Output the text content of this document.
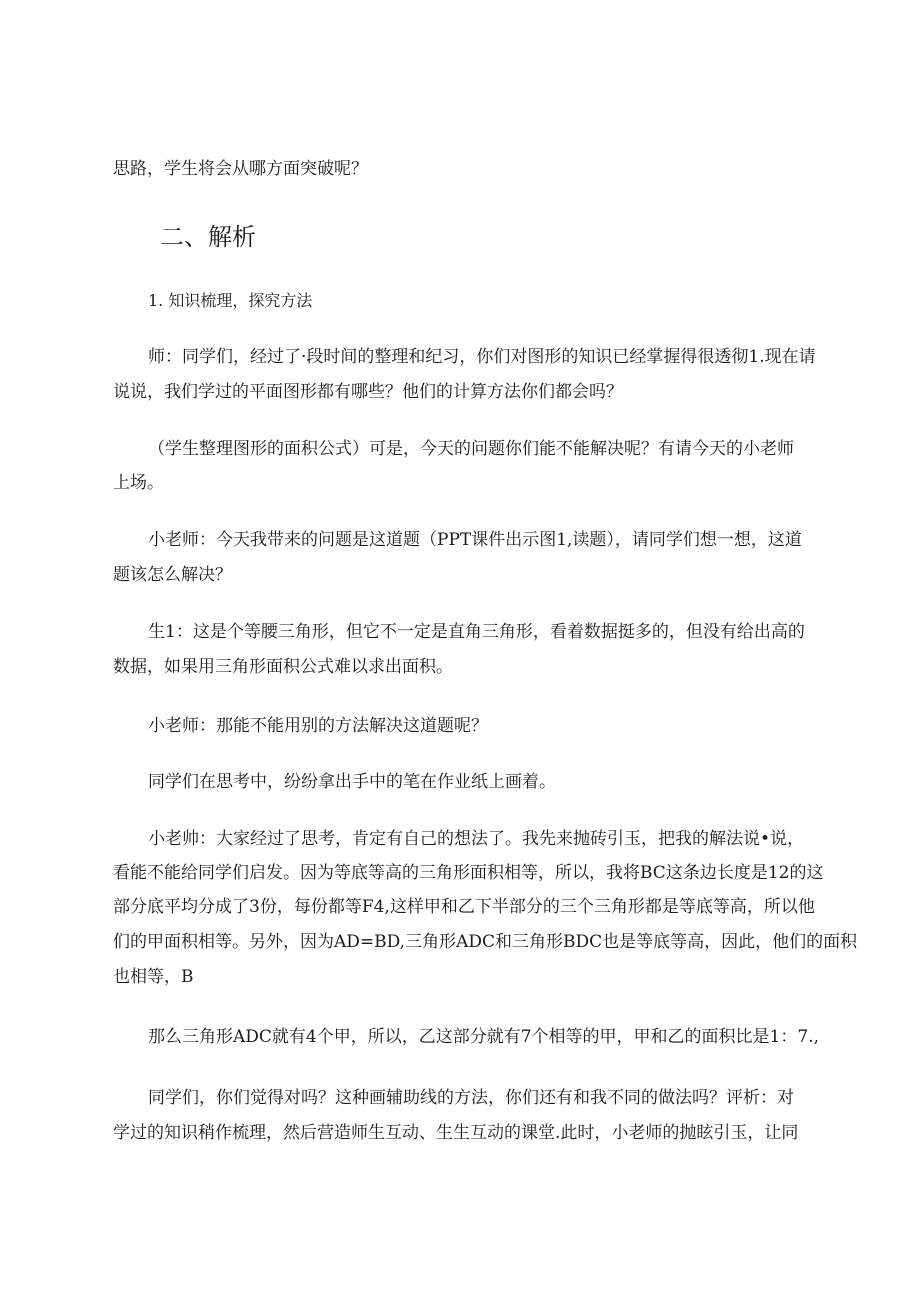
思路，学生将会从哪方面突破呢？
二、解析
1. 知识梳理，探究方法
师：同学们，经过了·段时间的整理和纪习，你们对图形的知识已经掌握得很透彻1.现在请
说说，我们学过的平面图形都有哪些？他们的计算方法你们都会吗？
（学生整理图形的面积公式）可是，今天的问题你们能不能解决呢？有请今天的小老师
上场。
小老师：今天我带来的问题是这道题（PPT课件出示图1,读题），请同学们想一想，这道
题该怎么解决？
生1：这是个等腰三角形，但它不一定是直角三角形，看着数据挺多的，但没有给出高的
数据，如果用三角形面积公式难以求出面积。
小老师：那能不能用别的方法解决这道题呢？
同学们在思考中，纷纷拿出手中的笔在作业纸上画着。
小老帅：大家经过了思考，肯定有自己的想法了。我先来抛砖引玉，把我的解法说•说，
看能不能给同学们启发。因为等底等高的三角形面积相等，所以，我将BC这条边长度是12的这
部分底平均分成了3份，每份都等F4,这样甲和乙下半部分的三个三角形都是等底等高，所以他
们的甲面积相等。另外，因为AD=BD,三角形ADC和三角形BDC也是等底等高，因此，他们的面积
也相等，B
那么三角形ADC就有4个甲，所以，乙这部分就有7个相等的甲，甲和乙的面积比是1：7.,
同学们，你们觉得对吗？这种画辅助线的方法，你们还有和我不同的做法吗？评析：对
学过的知识稍作梳理，然后营造师生互动、生生互动的课堂.此时，小老师的抛眩引玉，让同
